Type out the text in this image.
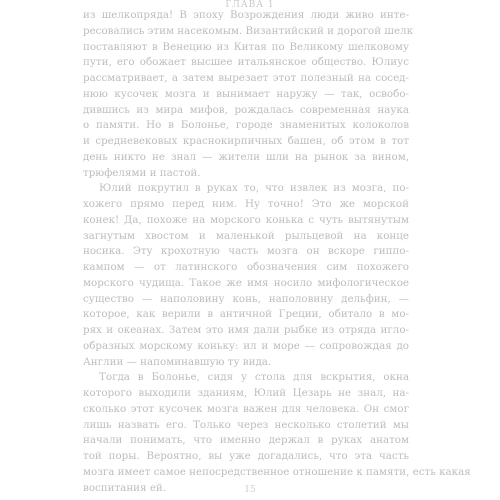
ГЛАВА 1
из шелкопряда! В эпоху Возрождения люди живо инте-
ресовались этим насекомым. Византийский и дорогой шелк
поставляют в Венецию из Китая по Великому шелковому
пути, его обожает высшее итальянское общество. Юлиус
рассматривает, а затем вырезает этот полезный на сосед-
нюю кусочек мозга и вынимает наружу — так, освобо-
дившись из мира мифов, рождалась современная наука
о памяти. Но в Болонье, городе знаменитых колоколов
и средневековых краснокирпичных башен, об этом в тот
день никто не знал — жители шли на рынок за вином,
трюфелями и пастой.
Юлий покрутил в руках то, что извлек из мозга, по-
хожего прямо перед ним. Ну точно! Это же морской
конек! Да, похоже на морского конька с чуть вытянутым
загнутым хвостом и маленькой рыльцевой на конце
носика. Эту крохотную часть мозга он вскоре гиппо-
кампом — от латинского обозначения сим похожего
морского чудища. Такое же имя носило мифологическое
существо — наполовину конь, наполовину дельфин, —
которое, как верили в античной Греции, обитало в мо-
рях и океанах. Затем это имя дали рыбке из отряда игло-
образных морскому коньку: ил и море — сопровождая до
Англии — напоминавшую ту вида.
Тогда в Болонье, сидя у стола для вскрытия, окна
которого выходили зданиям, Юлий Цезарь не знал, на-
сколько этот кусочек мозга важен для человека. Он смог
лишь назвать его. Только через несколько столетий мы
начали понимать, что именно держал в руках анатом
той поры. Вероятно, вы уже догадались, что эта часть
мозга имеет самое непосредственное отношение к памяти, есть какая
воспитания ей.	15
